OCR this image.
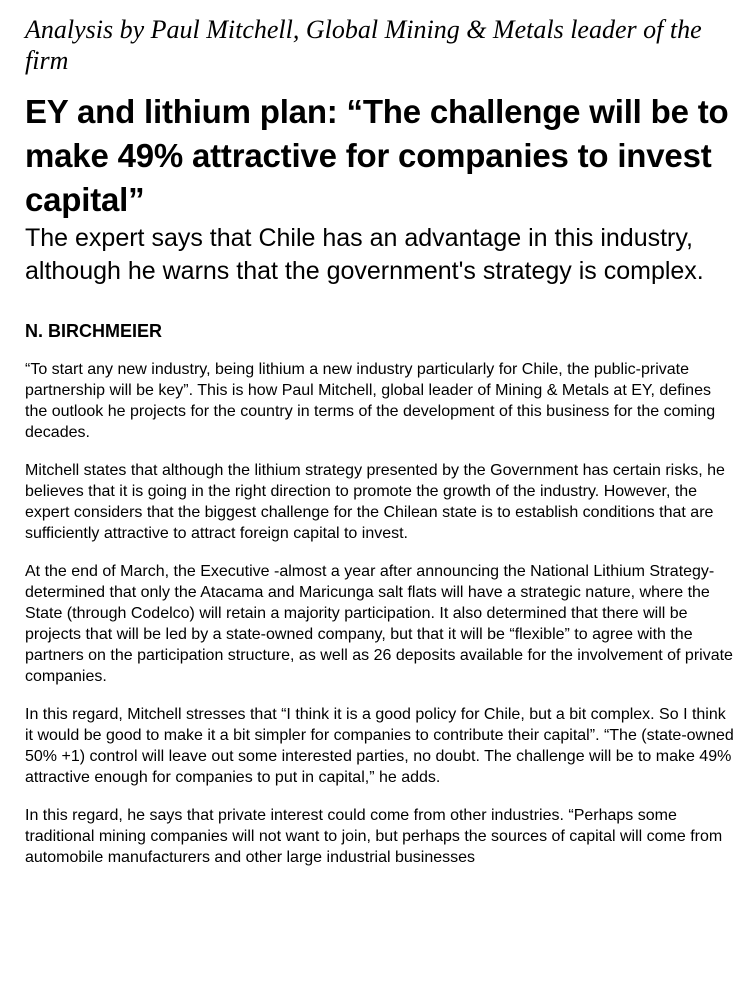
Analysis by Paul Mitchell, Global Mining & Metals leader of the firm
EY and lithium plan: “The challenge will be to make 49% attractive for companies to invest capital”
The expert says that Chile has an advantage in this industry, although he warns that the government's strategy is complex.
N. BIRCHMEIER

“To start any new industry, being lithium a new industry particularly for Chile, the public-private partnership will be key”. This is how Paul Mitchell, global leader of Mining & Metals at EY, defines the outlook he projects for the country in terms of the development of this business for the coming decades.

Mitchell states that although the lithium strategy presented by the Government has certain risks, he believes that it is going in the right direction to promote the growth of the industry. However, the expert considers that the biggest challenge for the Chilean state is to establish conditions that are sufficiently attractive to attract foreign capital to invest.

At the end of March, the Executive -almost a year after announcing the National Lithium Strategy- determined that only the Atacama and Maricunga salt flats will have a strategic nature, where the State (through Codelco) will retain a majority participation. It also determined that there will be projects that will be led by a state-owned company, but that it will be “flexible” to agree with the partners on the participation structure, as well as 26 deposits available for the involvement of private companies.

In this regard, Mitchell stresses that “I think it is a good policy for Chile, but a bit complex. So I think it would be good to make it a bit simpler for companies to contribute their capital”. “The (state-owned 50% +1) control will leave out some interested parties, no doubt. The challenge will be to make 49% attractive enough for companies to put in capital,” he adds.

In this regard, he says that private interest could come from other industries. “Perhaps some traditional mining companies will not want to join, but perhaps the sources of capital will come from automobile manufacturers and other large industrial businesses
